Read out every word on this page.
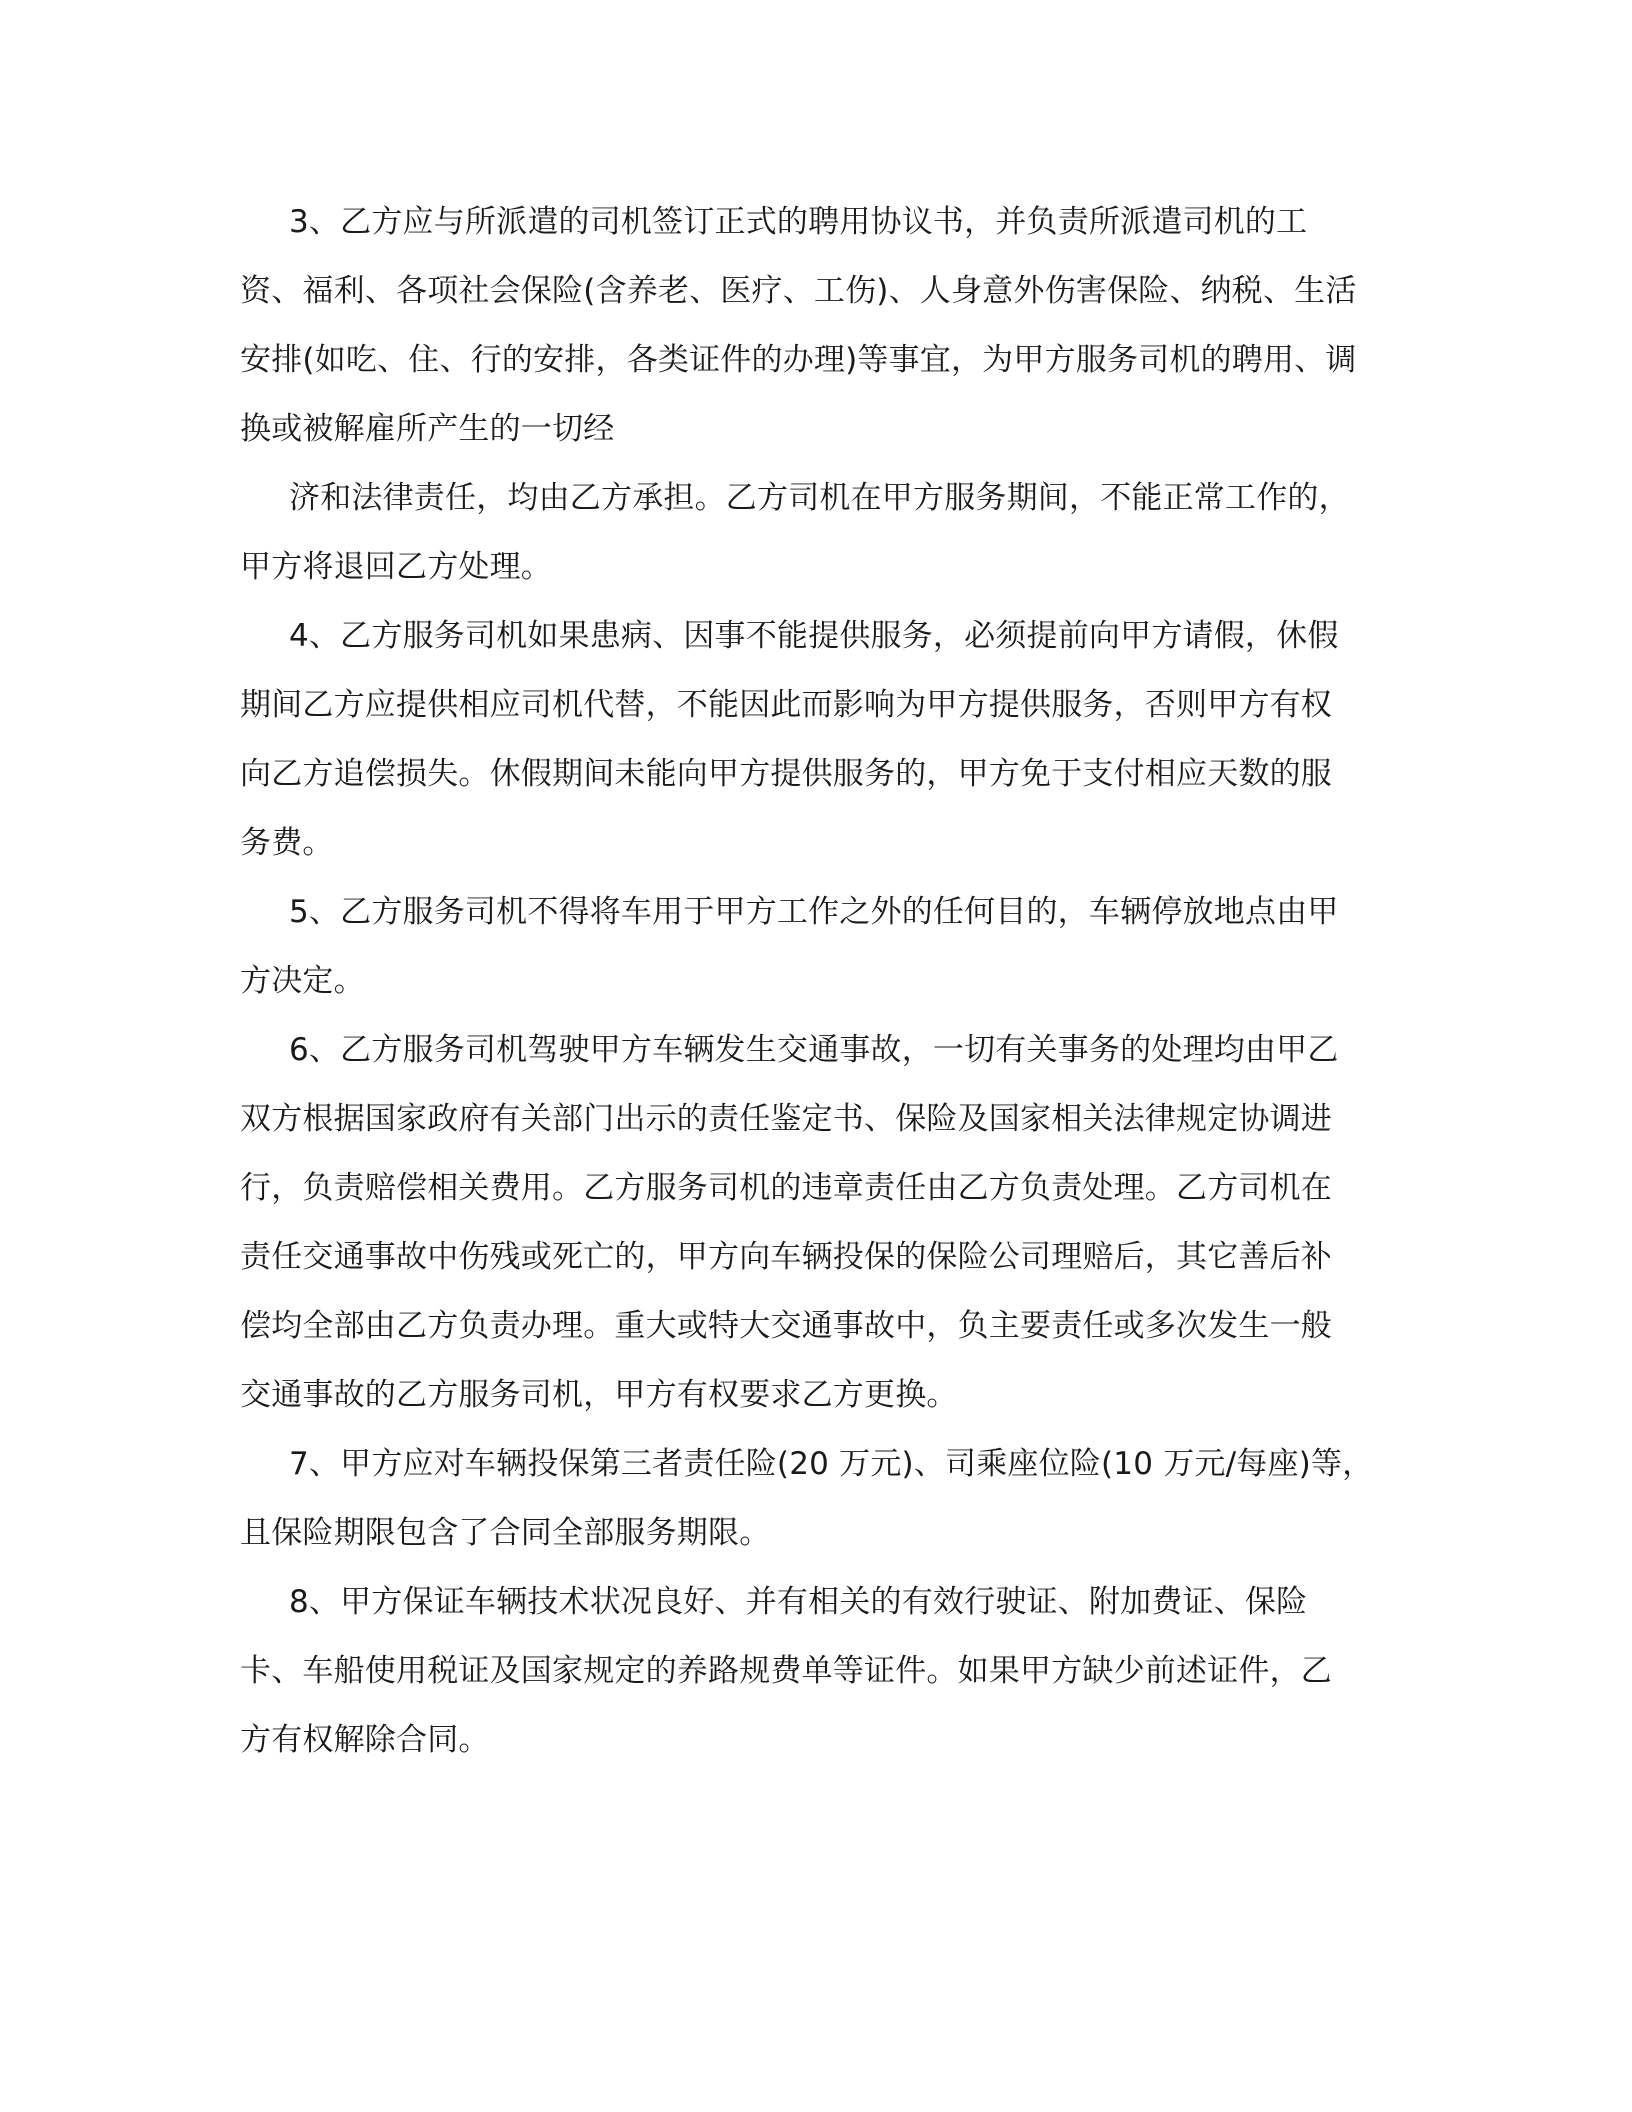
3、乙方应与所派遣的司机签订正式的聘用协议书，并负责所派遣司机的工

资、福利、各项社会保险(含养老、医疗、工伤)、人身意外伤害保险、纳税、生活

安排(如吃、住、行的安排，各类证件的办理)等事宜，为甲方服务司机的聘用、调

换或被解雇所产生的一切经

济和法律责任，均由乙方承担。乙方司机在甲方服务期间，不能正常工作的，

甲方将退回乙方处理。

4、乙方服务司机如果患病、因事不能提供服务，必须提前向甲方请假，休假

期间乙方应提供相应司机代替，不能因此而影响为甲方提供服务，否则甲方有权

向乙方追偿损失。休假期间未能向甲方提供服务的，甲方免于支付相应天数的服

务费。

5、乙方服务司机不得将车用于甲方工作之外的任何目的，车辆停放地点由甲

方决定。

6、乙方服务司机驾驶甲方车辆发生交通事故，一切有关事务的处理均由甲乙

双方根据国家政府有关部门出示的责任鉴定书、保险及国家相关法律规定协调进

行，负责赔偿相关费用。乙方服务司机的违章责任由乙方负责处理。乙方司机在

责任交通事故中伤残或死亡的，甲方向车辆投保的保险公司理赔后，其它善后补

偿均全部由乙方负责办理。重大或特大交通事故中，负主要责任或多次发生一般

交通事故的乙方服务司机，甲方有权要求乙方更换。

7、甲方应对车辆投保第三者责任险(20 万元)、司乘座位险(10 万元/每座)等，

且保险期限包含了合同全部服务期限。

8、甲方保证车辆技术状况良好、并有相关的有效行驶证、附加费证、保险

卡、车船使用税证及国家规定的养路规费单等证件。如果甲方缺少前述证件，乙

方有权解除合同。
